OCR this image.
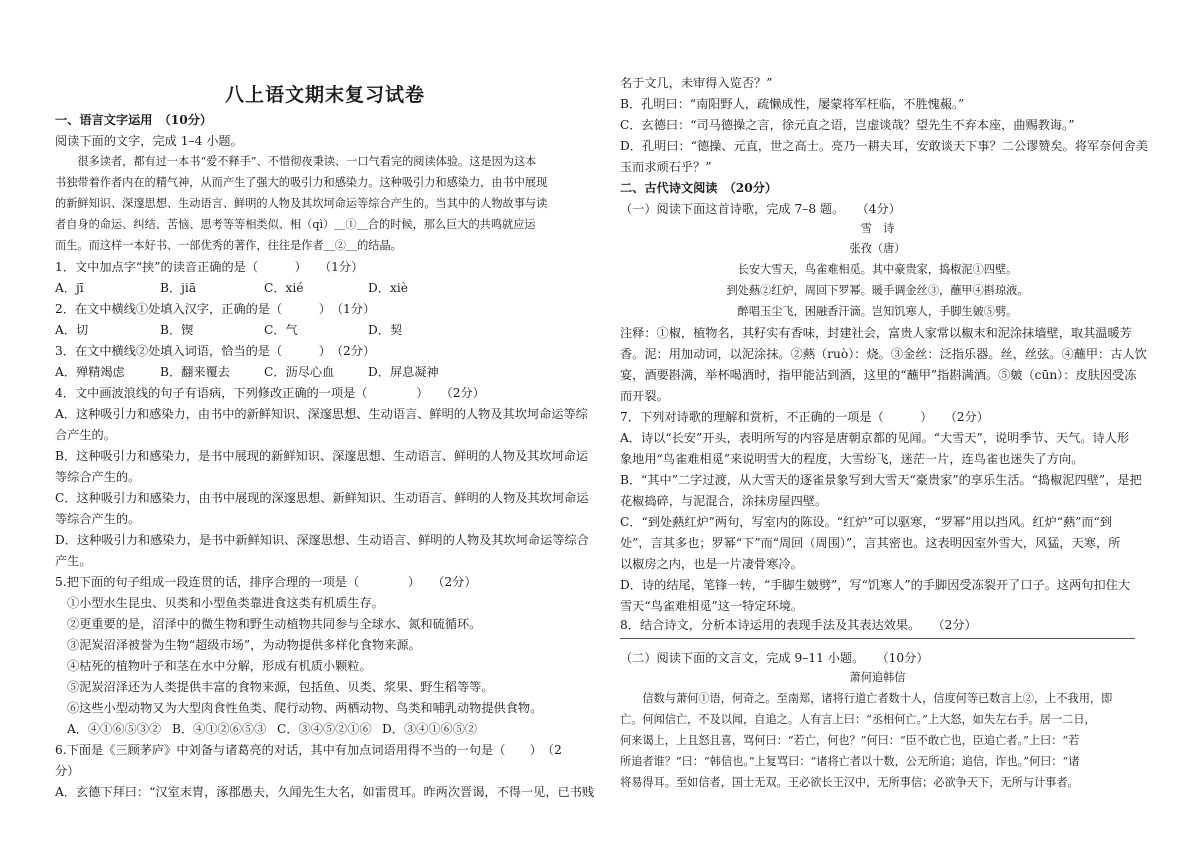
八上语文期末复习试卷
一、语言文字运用　（10分）
阅读下面的文字，完成 1–4 小题。
　　很多读者，都有过一本书“爱不释手”、不惜彻夜秉读、一口气看完的阅读体验。这是因为这本
书独带着作者内在的精气神，从而产生了强大的吸引力和感染力。这种吸引力和感染力，由书中展现
的新鲜知识、深邃思想、生动语言、鲜明的人物及其坎坷命运等综合产生的。当其中的人物故事与读
者自身的命运、纠结、苦恼、思考等等相类似、相（qì）＿①＿合的时候，那么巨大的共鸣就应运
而生。而这样一本好书、一部优秀的著作，往往是作者＿②＿的结晶。
1．文中加点字“挟”的读音正确的是（　　　）　　（1分）
A．jī	B．jiā	C．xié	D．xiè
2．在文中横线①处填入汉字，正确的是（　　　）　（1分）
A．切	B．锲	C．气	D．契
3．在文中横线②处填入词语，恰当的是（　　　）　（2分）
A．殚精竭虑	B．翻来覆去	C．沥尽心血	D．屏息凝神
4．文中画波浪线的句子有语病，下列修改正确的一项是（　　　　）　　（2分）
A．这种吸引力和感染力，由书中的新鲜知识、深邃思想、生动语言、鲜明的人物及其坎坷命运等综
合产生的。
B．这种吸引力和感染力，是书中展现的新鲜知识、深邃思想、生动语言、鲜明的人物及其坎坷命运
等综合产生的。
C．这种吸引力和感染力，由书中展现的深邃思想、新鲜知识、生动语言、鲜明的人物及其坎坷命运
等综合产生的。
D．这种吸引力和感染力，是书中新鲜知识、深邃思想、生动语言、鲜明的人物及其坎坷命运等综合
产生。
5.把下面的句子组成一段连贯的话，排序合理的一项是（　　　　）　　（2分）
①小型水生昆虫、贝类和小型鱼类靠进食这类有机质生存。
②更重要的是，沼泽中的微生物和野生动植物共同参与全球水、氮和硫循环。
③泥炭沼泽被誉为生物“超级市场”，为动物提供多样化食物来源。
④枯死的植物叶子和茎在水中分解，形成有机质小颗粒。
⑤泥炭沼泽还为人类提供丰富的食物来源，包括鱼、贝类、浆果、野生稻等等。
⑥这些小型动物又为大型肉食性鱼类、爬行动物、两栖动物、鸟类和哺乳动物提供食物。
A．④①⑥⑤③② B．④①②⑥⑤③ C．③④⑤②①⑥ D．③④①⑥⑤②
6.下面是《三顾茅庐》中刘备与诸葛亮的对话，其中有加点词语用得不当的一句是（　　）　（2
分）
A．玄德下拜曰：“汉室末胄，涿郡愚夫，久闻先生大名，如雷贯耳。昨两次晋谒，不得一见，已书贱
名于文几，未审得入览否？”
B．孔明曰：“南阳野人，疏懒成性，屡蒙将军枉临，不胜愧赧。”
C．玄德曰：“司马德操之言，徐元直之语，岂虚谈哉？望先生不弃本座，曲赐教诲。”
D．孔明曰：“德操、元直，世之高士。亮乃一耕夫耳，安敢谈天下事？二公谬赞矣。将军奈何舍美
玉而求顽石乎？”
二、古代诗文阅读　（20分）
（一）阅读下面这首诗歌，完成 7–8 题。　　（4分）
雪　诗
张孜（唐）
长安大雪天，鸟雀难相觅。其中豪贵家，捣椒泥①四壁。
到处爇②红炉，周回下罗幂。暖手调金丝③，蘸甲④斟琼液。
醉唱玉尘飞，困融香汗滴。岂知饥寒人，手脚生皴⑤劈。
注释：①椒，植物名，其籽实有香味，封建社会，富贵人家常以椒末和泥涂抹墙壁，取其温暖芳
香。泥：用加动词，以泥涂抹。②爇（ruò）：烧。③金丝：泛指乐器。丝，丝弦。④蘸甲：古人饮
宴，酒要斟满，举杯喝酒时，指甲能沾到酒，这里的“蘸甲”指斟满酒。⑤皴（cūn）：皮肤因受冻
而开裂。
7．下列对诗歌的理解和赏析，不正确的一项是（　　　）　　（2分）
A．诗以“长安”开头，表明所写的内容是唐朝京都的见闻。“大雪天”，说明季节、天气。诗人形
象地用“鸟雀难相觅”来说明雪大的程度，大雪纷飞，迷茫一片，连鸟雀也迷失了方向。
B．“其中”二字过渡，从大雪天的逐雀景象写到大雪天“豪贵家”的享乐生活。“捣椒泥四壁”，是把
花椒捣碎，与泥混合，涂抹房屋四壁。
C．“到处爇红炉”两句，写室内的陈设。“红炉”可以驱寒，“罗幂”用以挡风。红炉“爇”而“到
处”，言其多也；罗幂“下”而“周回（周围）”，言其密也。这表明因室外雪大，风猛，天寒，所
以椒房之内，也是一片凄骨寒冷。
D．诗的结尾，笔锋一转，“手脚生皴劈”，写“饥寒人”的手脚因受冻裂开了口子。这两句扣住大
雪天“鸟雀难相觅”这一特定环境。
8．结合诗文，分析本诗运用的表现手法及其表达效果。　　（2分）
（二）阅读下面的文言文，完成 9–11 小题。　　（10分）
萧何追韩信
　　信数与萧何①语，何奇之。至南郑，诸将行道亡者数十人，信度何等已数言上②，上不我用，即
亡。何闻信亡，不及以闻，自追之。人有言上曰：“丞相何亡。”上大怒，如失左右手。居一二日，
何来谒上，上且怒且喜，骂何曰：“若亡，何也？”何曰：“臣不敢亡也，臣追亡者。”上曰：“若
所追者谁？”曰：“韩信也。”上复骂曰：“诸将亡者以十数，公无所追；追信，诈也。”何曰：“诸
将易得耳。至如信者，国士无双。王必欲长王汉中，无所事信；必欲争天下，无所与计事者。
